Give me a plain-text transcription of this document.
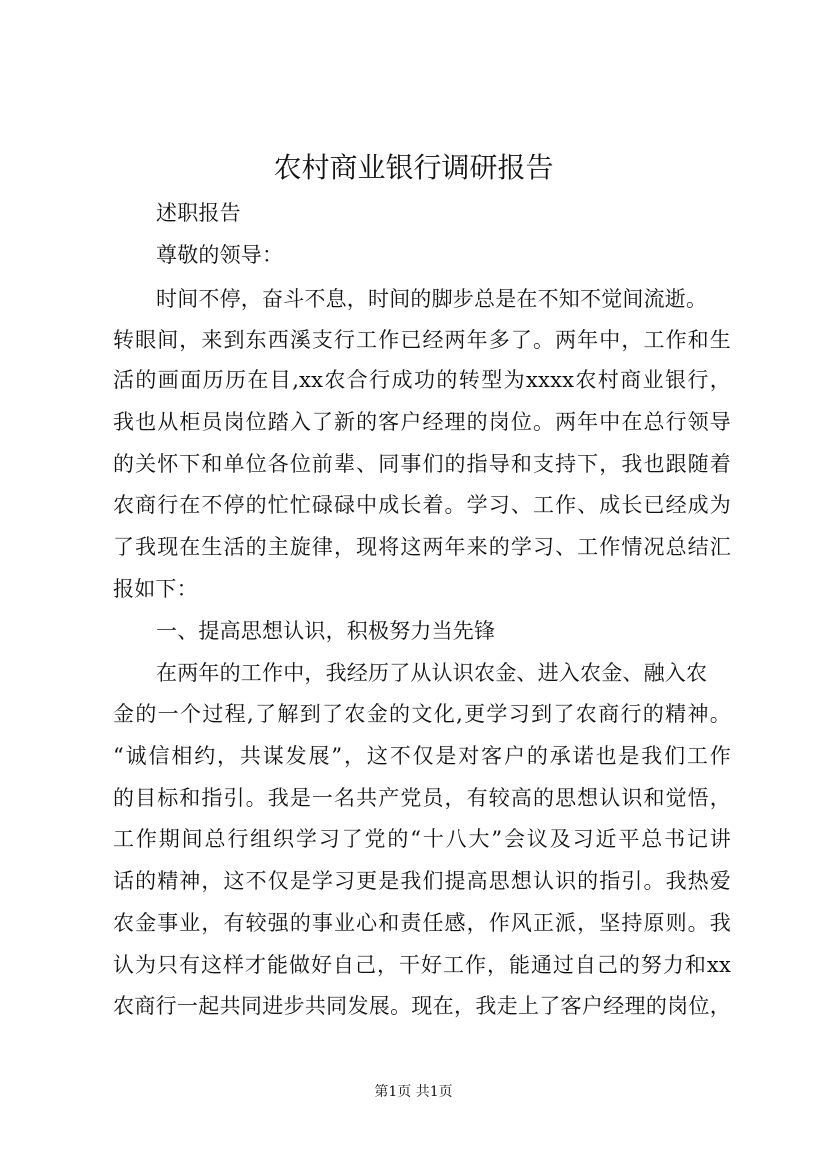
农村商业银行调研报告
述职报告
尊敬的领导：
时间不停，奋斗不息，时间的脚步总是在不知不觉间流逝。
转眼间，来到东西溪支行工作已经两年多了。两年中，工作和生
活的画面历历在目,xx农合行成功的转型为xxxx农村商业银行，
我也从柜员岗位踏入了新的客户经理的岗位。两年中在总行领导
的关怀下和单位各位前辈、同事们的指导和支持下，我也跟随着
农商行在不停的忙忙碌碌中成长着。学习、工作、成长已经成为
了我现在生活的主旋律，现将这两年来的学习、工作情况总结汇
报如下：
一、提高思想认识，积极努力当先锋
在两年的工作中，我经历了从认识农金、进入农金、融入农
金的一个过程,了解到了农金的文化,更学习到了农商行的精神。
“诚信相约，共谋发展”，这不仅是对客户的承诺也是我们工作
的目标和指引。我是一名共产党员，有较高的思想认识和觉悟，
工作期间总行组织学习了党的“十八大”会议及习近平总书记讲
话的精神，这不仅是学习更是我们提高思想认识的指引。我热爱
农金事业，有较强的事业心和责任感，作风正派，坚持原则。我
认为只有这样才能做好自己，干好工作，能通过自己的努力和xx
农商行一起共同进步共同发展。现在，我走上了客户经理的岗位，
第1页 共1页
